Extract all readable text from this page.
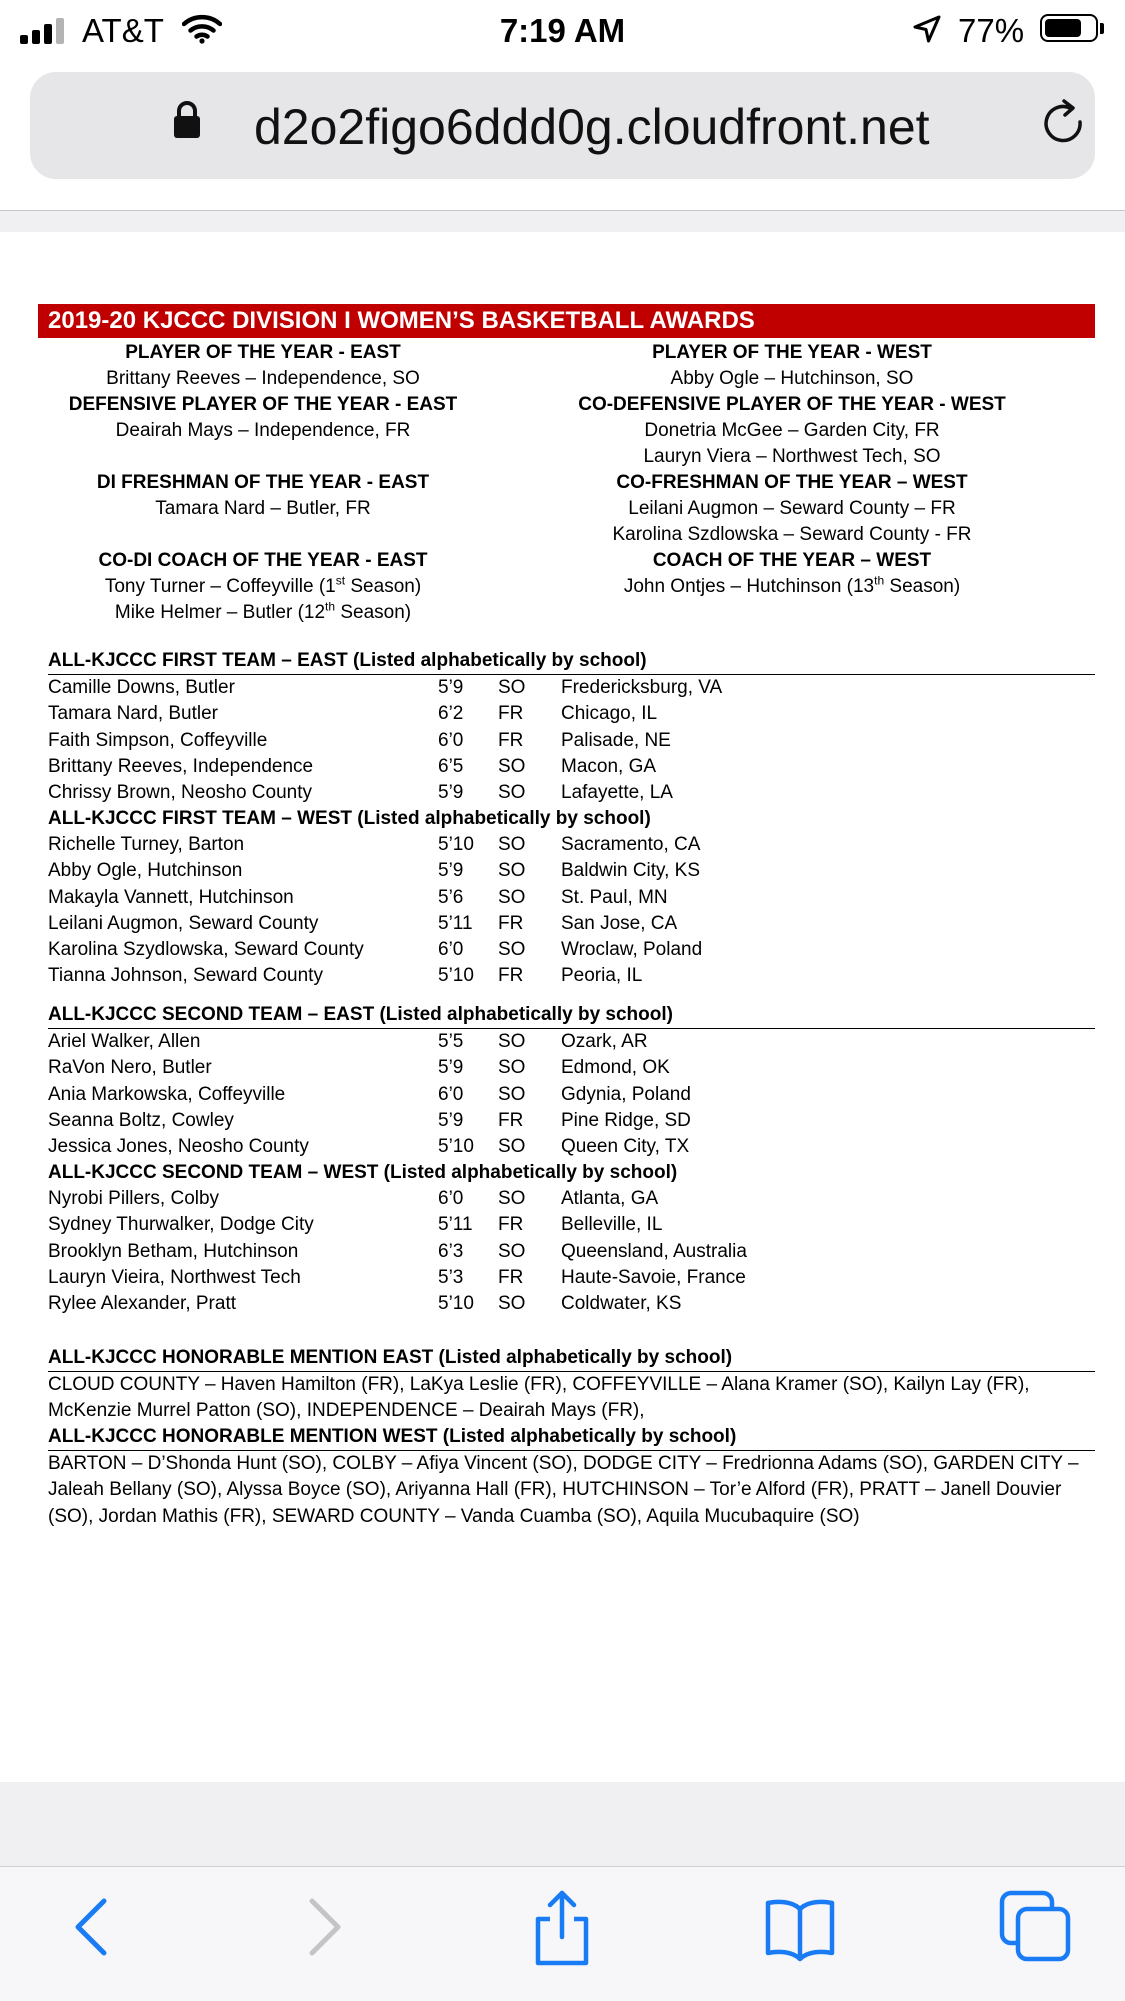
AT&T	7:19 AM	77%
d2o2figo6ddd0g.cloudfront.net
2019-20 KJCCC DIVISION I WOMEN’S BASKETBALL AWARDS
PLAYER OF THE YEAR - EAST
Brittany Reeves – Independence, SO
DEFENSIVE PLAYER OF THE YEAR - EAST
Deairah Mays – Independence, FR
DI FRESHMAN OF THE YEAR - EAST
Tamara Nard – Butler, FR
CO-DI COACH OF THE YEAR - EAST
Tony Turner – Coffeyville (1st Season)
Mike Helmer – Butler (12th Season)
PLAYER OF THE YEAR - WEST
Abby Ogle – Hutchinson, SO
CO-DEFENSIVE PLAYER OF THE YEAR - WEST
Donetria McGee – Garden City, FR
Lauryn Viera – Northwest Tech, SO
CO-FRESHMAN OF THE YEAR – WEST
Leilani Augmon – Seward County – FR
Karolina Szdlowska – Seward County - FR
COACH OF THE YEAR – WEST
John Ontjes – Hutchinson (13th Season)
ALL-KJCCC FIRST TEAM – EAST (Listed alphabetically by school)
Camille Downs, Butler	5’9 SO Fredericksburg, VA
Tamara Nard, Butler	6’2 FR Chicago, IL
Faith Simpson, Coffeyville	6’0 FR Palisade, NE
Brittany Reeves, Independence	6’5 SO Macon, GA
Chrissy Brown, Neosho County	5’9 SO Lafayette, LA
ALL-KJCCC FIRST TEAM – WEST (Listed alphabetically by school)
Richelle Turney, Barton	5’10 SO Sacramento, CA
Abby Ogle, Hutchinson	5’9 SO Baldwin City, KS
Makayla Vannett, Hutchinson	5’6 SO St. Paul, MN
Leilani Augmon, Seward County	5’11 FR San Jose, CA
Karolina Szydlowska, Seward County	6’0 SO Wroclaw, Poland
Tianna Johnson, Seward County	5’10 FR Peoria, IL
ALL-KJCCC SECOND TEAM – EAST (Listed alphabetically by school)
Ariel Walker, Allen	5’5 SO Ozark, AR
RaVon Nero, Butler	5’9 SO Edmond, OK
Ania Markowska, Coffeyville	6’0 SO Gdynia, Poland
Seanna Boltz, Cowley	5’9 FR Pine Ridge, SD
Jessica Jones, Neosho County	5’10 SO Queen City, TX
ALL-KJCCC SECOND TEAM – WEST (Listed alphabetically by school)
Nyrobi Pillers, Colby	6’0 SO Atlanta, GA
Sydney Thurwalker, Dodge City	5’11 FR Belleville, IL
Brooklyn Betham, Hutchinson	6’3 SO Queensland, Australia
Lauryn Vieira, Northwest Tech	5’3 FR Haute-Savoie, France
Rylee Alexander, Pratt	5’10 SO Coldwater, KS
ALL-KJCCC HONORABLE MENTION EAST (Listed alphabetically by school)
CLOUD COUNTY – Haven Hamilton (FR), LaKya Leslie (FR), COFFEYVILLE – Alana Kramer (SO), Kailyn Lay (FR), McKenzie Murrel Patton (SO), INDEPENDENCE – Deairah Mays (FR),
ALL-KJCCC HONORABLE MENTION WEST (Listed alphabetically by school)
BARTON – D’Shonda Hunt (SO), COLBY – Afiya Vincent (SO), DODGE CITY – Fredrionna Adams (SO), GARDEN CITY – Jaleah Bellany (SO), Alyssa Boyce (SO), Ariyanna Hall (FR), HUTCHINSON – Tor’e Alford (FR), PRATT – Janell Douvier (SO), Jordan Mathis (FR), SEWARD COUNTY – Vanda Cuamba (SO), Aquila Mucubaquire (SO)
